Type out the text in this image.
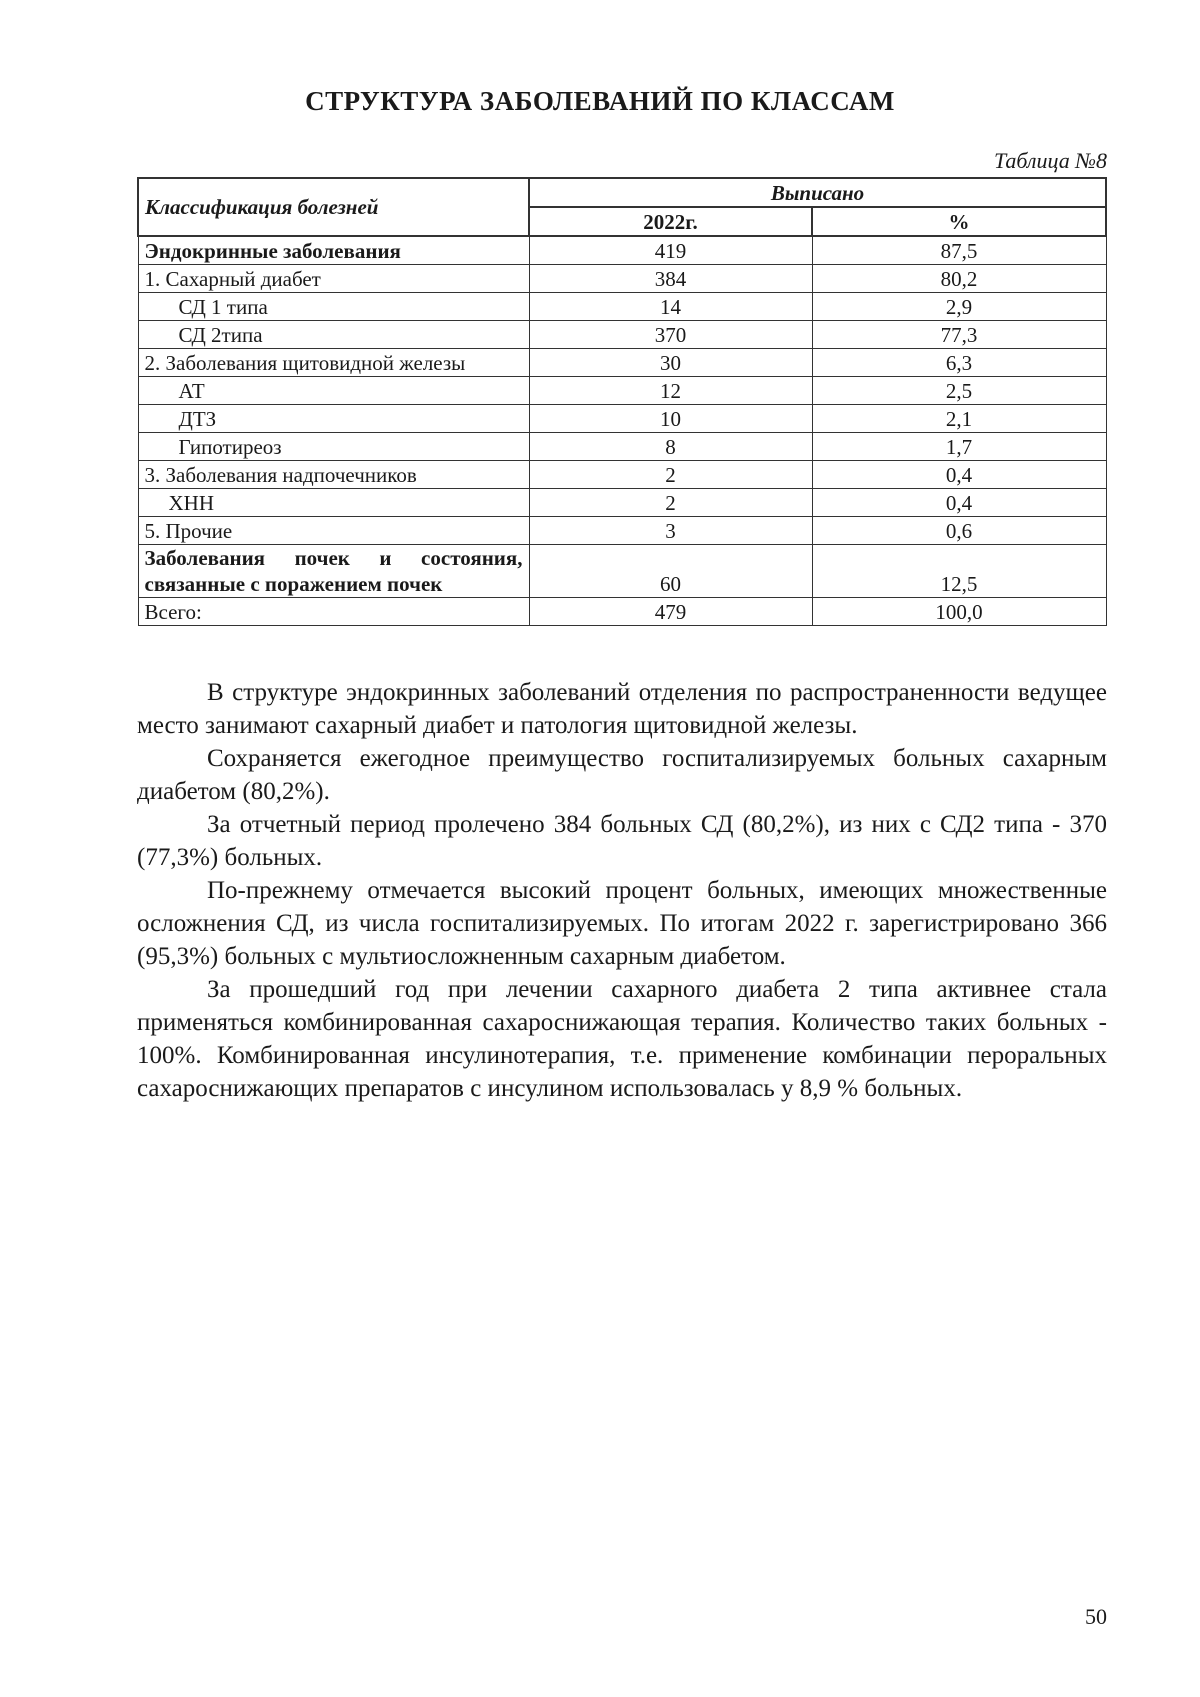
СТРУКТУРА ЗАБОЛЕВАНИЙ ПО КЛАССАМ
Таблица №8
Классификация болезней	Выписано	
	2022г.	%
Эндокринные заболевания	419	87,5
1. Сахарный диабет	384	80,2
СД 1 типа	14	2,9
СД 2типа	370	77,3
2. Заболевания щитовидной железы	30	6,3
АТ	12	2,5
ДТЗ	10	2,1
Гипотиреоз	8	1,7
3. Заболевания надпочечников	2	0,4
ХНН	2	0,4
5. Прочие	3	0,6

Заболевания почек и состояния,
связанные с поражением почек	60	12,5
Всего:	479	100,0

В структуре эндокринных заболеваний отделения по распространенности ведущее место занимают сахарный диабет и патология щитовидной железы.

Сохраняется ежегодное преимущество госпитализируемых больных сахарным диабетом (80,2%).

За отчетный период пролечено 384 больных СД (80,2%), из них с СД2 типа - 370 (77,3%) больных.

По-прежнему отмечается высокий процент больных, имеющих множественные осложнения СД, из числа госпитализируемых. По итогам 2022 г. зарегистрировано 366 (95,3%) больных с мультиосложненным сахарным диабетом.

За прошедший год при лечении сахарного диабета 2 типа активнее стала применяться комбинированная сахароснижающая терапия. Количество таких больных - 100%. Комбинированная инсулинотерапия, т.е. применение комбинации пероральных сахароснижающих препаратов с инсулином использовалась у 8,9 % больных.

50
